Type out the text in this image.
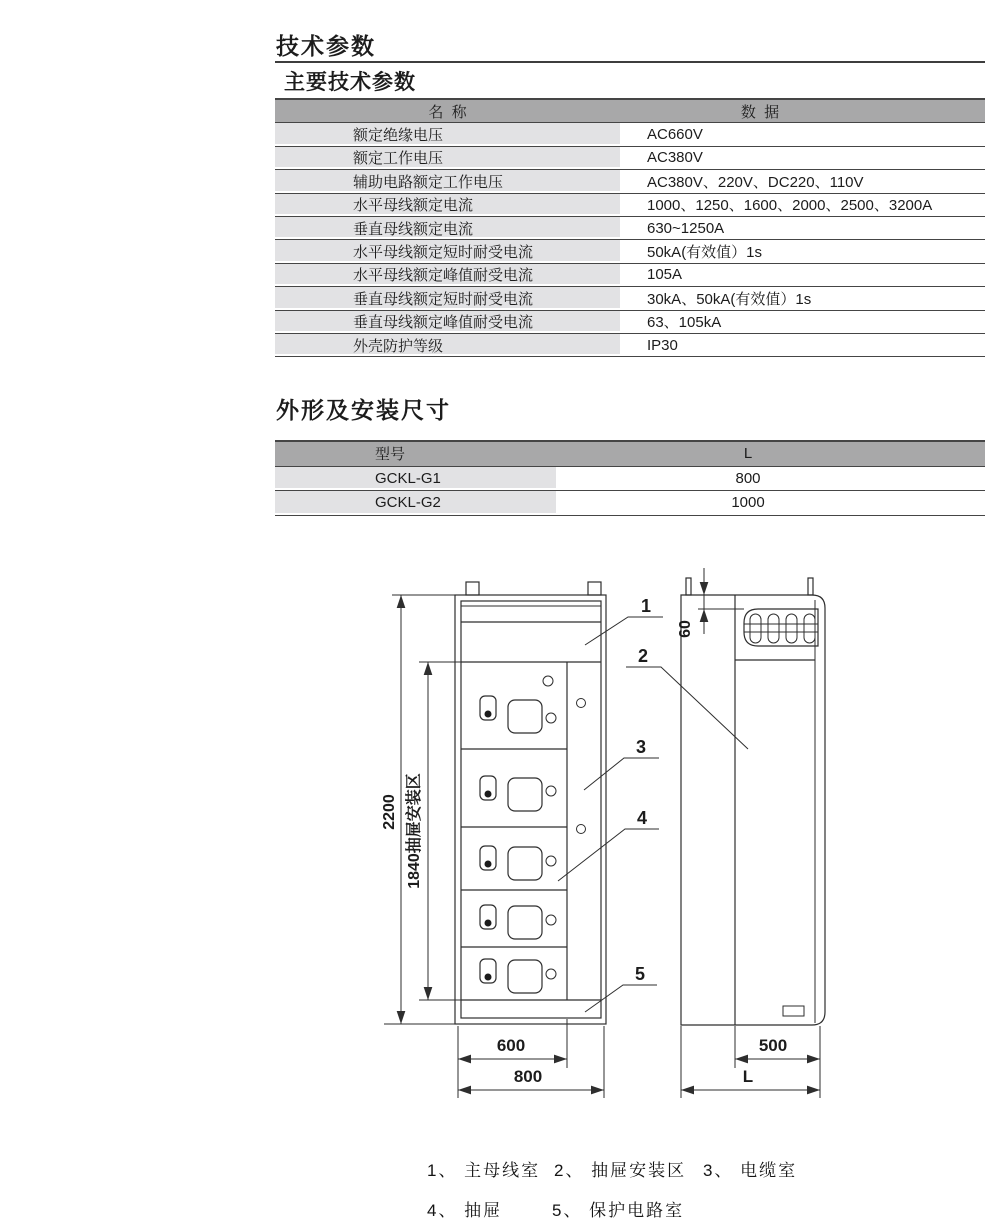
技术参数
主要技术参数
名  称	数  据
额定绝缘电压	AC660V
额定工作电压	AC380V
辅助电路额定工作电压	AC380V、220V、DC220、110V
水平母线额定电流	1000、1250、1600、2000、2500、3200A
垂直母线额定电流	630~1250A
水平母线额定短时耐受电流	50kA(有效值）1s
水平母线额定峰值耐受电流	105A
垂直母线额定短时耐受电流	30kA、50kA(有效值）1s
垂直母线额定峰值耐受电流	63、105kA
外壳防护等级	IP30
外形及安装尺寸
型号	L
GCKL-G1	800
GCKL-G2	1000
2200 1840抽屉安装区
60
600
800
500
L
1
2
3
4
5
1、 主母线室 2、 抽屉安装区 3、 电缆室
4、 抽屉	5、 保护电路室
